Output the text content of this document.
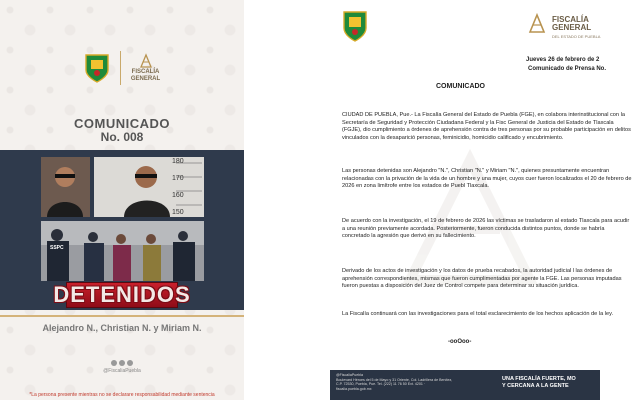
FISCALÍA
GENERAL
COMUNICADO
No. 008
180
170
160
150
SSPC
DETENIDOS
Alejandro N., Christian N. y Miriam N.
@FiscaliaPuebla
*La persona presente mientras no se declarare responsabilidad mediante sentencia
FISCALÍA
GENERAL
DEL ESTADO DE PUEBLA
Jueves 26 de febrero de 2
Comunicado de Prensa No.
COMUNICADO

CIUDAD DE PUEBLA, Pue.- La Fiscalía General del Estado de Puebla (FGE), en colabora interinstitucional con la Secretaría de Seguridad y Protección Ciudadana Federal y la Fisc General de Justicia del Estado de Tlaxcala (FGJE), dio cumplimiento a órdenes de aprehensión contra de tres personas por su probable participación en delitos vinculados con la desaparició personas, feminicidio, homicidio calificado y encubrimiento.

Las personas detenidas son Alejandro "N.", Christian "N." y Miriam "N.", quienes presuntamente encuentran relacionadas con la privación de la vida de un hombre y una mujer, cuyos cuer fueron localizados el 20 de febrero de 2026 en zona limítrofe entre los estados de Puebl Tlaxcala.

De acuerdo con la investigación, el 19 de febrero de 2026 las víctimas se trasladaron al estado Tlaxcala para acudir a una reunión previamente acordada. Posteriormente, fueron conducida distintos puntos, donde se habría concretado la agresión que derivó en su fallecimiento.

Derivado de los actos de investigación y los datos de prueba recabados, la autoridad judicial l las órdenes de aprehensión correspondientes, mismas que fueron cumplimentadas por agente la FGE. Las personas imputadas fueron puestas a disposición del Juez de Control compete para determinar su situación jurídica.

La Fiscalía continuará con las investigaciones para el total esclarecimiento de los hechos aplicación de la ley.

-ooOoo-
@FiscaliaPuebla
Boulevard Héroes del 5 de Mayo y 31 Oriente, Col. Ladrillera de Benítez, C.P. 72530, Puebla, Pue. Tel. (222) 11 76 50 Ext. 4201 · fiscalia.puebla.gob.mx
UNA FISCALÍA FUERTE, MO
Y CERCANA A LA GENTE
